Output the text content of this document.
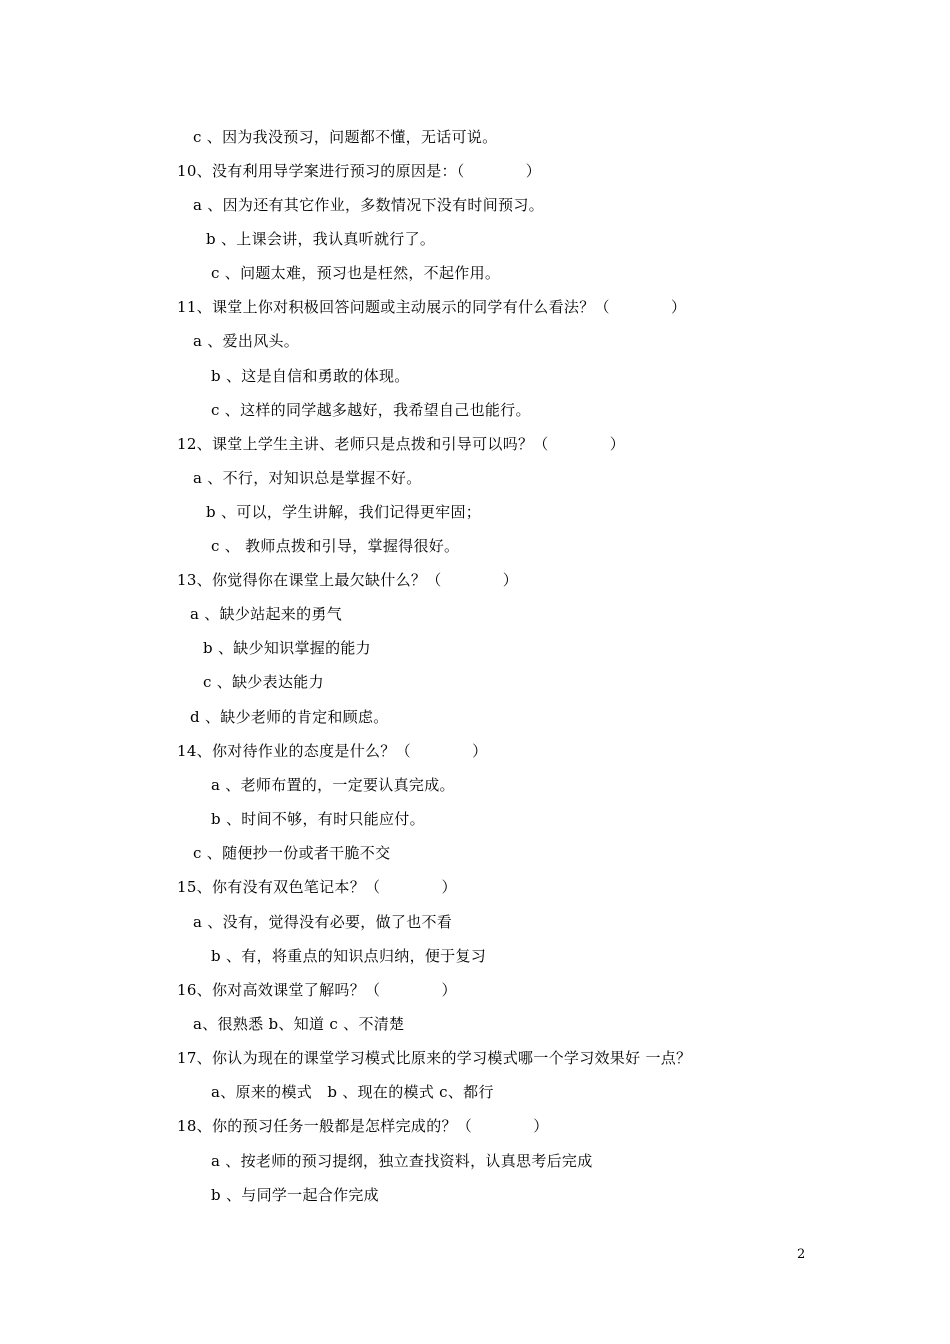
c 、因为我没预习，问题都不懂，无话可说。
10、没有利用导学案进行预习的原因是：（　　　　）
a 、因为还有其它作业，多数情况下没有时间预习。
b 、上课会讲，我认真听就行了。
c 、问题太难，预习也是枉然，不起作用。
11、课堂上你对积极回答问题或主动展示的同学有什么看法？（　　　　）
a 、爱出风头。
b 、这是自信和勇敢的体现。
c 、这样的同学越多越好，我希望自己也能行。
12、课堂上学生主讲、老师只是点拨和引导可以吗？（　　　　）
a 、不行，对知识总是掌握不好。
b 、可以，学生讲解，我们记得更牢固；
c 、 教师点拨和引导，掌握得很好。
13、你觉得你在课堂上最欠缺什么？（　　　　）
a 、缺少站起来的勇气
b 、缺少知识掌握的能力
c 、缺少表达能力
d 、缺少老师的肯定和顾虑。
14、你对待作业的态度是什么？（　　　　）
a 、老师布置的，一定要认真完成。
b 、时间不够，有时只能应付。
c 、随便抄一份或者干脆不交
15、你有没有双色笔记本？（　　　　）
a 、没有，觉得没有必要，做了也不看
b 、有，将重点的知识点归纳，便于复习
16、你对高效课堂了解吗？（　　　　）
a、很熟悉 b、知道 c 、不清楚
17、你认为现在的课堂学习模式比原来的学习模式哪一个学习效果好 一点？
a、原来的模式　b 、现在的模式 c、都行
18、你的预习任务一般都是怎样完成的？（　　　　）
a 、按老师的预习提纲，独立查找资料，认真思考后完成
b 、与同学一起合作完成
2
